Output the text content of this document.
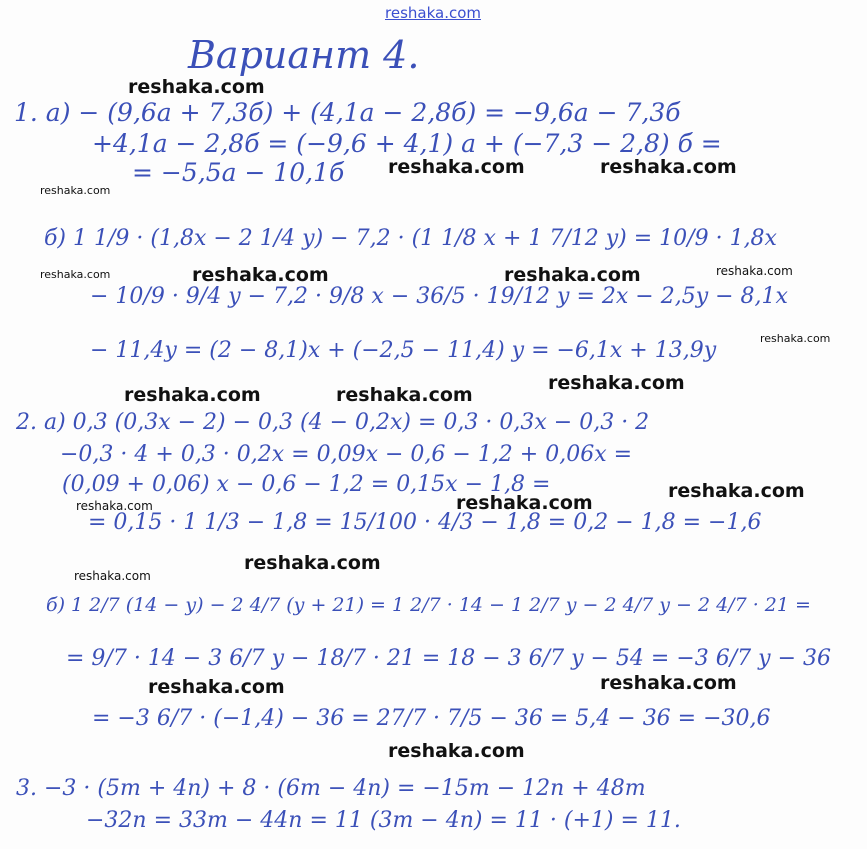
reshaka.com
Вариант 4.
1. а) − (9,6а + 7,3б) + (4,1а − 2,8б) = −9,6а − 7,3б
+4,1а − 2,8б = (−9,6 + 4,1) а + (−7,3 − 2,8) б =
= −5,5а − 10,1б
б) 1 1/9 · (1,8x − 2 1/4 y) − 7,2 · (1 1/8 x + 1 7/12 y) = 10/9 · 1,8x
− 10/9 · 9/4 y − 7,2 · 9/8 x − 36/5 · 19/12 y = 2x − 2,5y − 8,1x
− 11,4y = (2 − 8,1)x + (−2,5 − 11,4) y = −6,1x + 13,9y
2. а) 0,3 (0,3x − 2) − 0,3 (4 − 0,2x) = 0,3 · 0,3x − 0,3 · 2
−0,3 · 4 + 0,3 · 0,2x = 0,09x − 0,6 − 1,2 + 0,06x =
(0,09 + 0,06) x − 0,6 − 1,2 = 0,15x − 1,8 =
= 0,15 · 1 1/3 − 1,8 = 15/100 · 4/3 − 1,8 = 0,2 − 1,8 = −1,6
б) 1 2/7 (14 − y) − 2 4/7 (y + 21) = 1 2/7 · 14 − 1 2/7 y − 2 4/7 y − 2 4/7 · 21 =
= 9/7 · 14 − 3 6/7 y − 18/7 · 21 = 18 − 3 6/7 y − 54 = −3 6/7 y − 36
= −3 6/7 · (−1,4) − 36 = 27/7 · 7/5 − 36 = 5,4 − 36 = −30,6
3. −3 · (5m + 4n) + 8 · (6m − 4n) = −15m − 12n + 48m
−32n = 33m − 44n = 11 (3m − 4n) = 11 · (+1) = 11.
reshaka.com
reshaka.com	reshaka.com
reshaka.com
reshaka.com	reshaka.com	reshaka.com	reshaka.com
reshaka.com
reshaka.com
reshaka.com	reshaka.com
reshaka.com
reshaka.com
reshaka.com
reshaka.com
reshaka.com
reshaka.com	reshaka.com
reshaka.com
